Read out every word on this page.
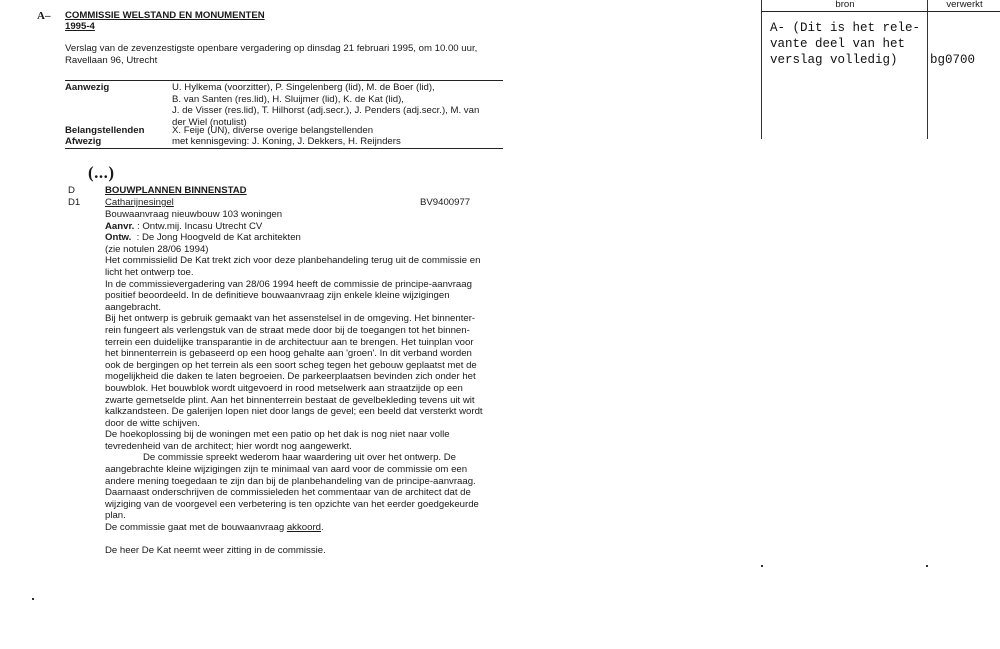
A– COMMISSIE WELSTAND EN MONUMENTEN
1995-4
Verslag van de zevenzestigste openbare vergadering op dinsdag 21 februari 1995, om 10.00 uur, Ravellaan 96, Utrecht
Aanwezig	U. Hylkema (voorzitter), P. Singelenberg (lid), M. de Boer (lid),
B. van Santen (res.lid), H. Sluijmer (lid), K. de Kat (lid),
J. de Visser (res.lid), T. Hilhorst (adj.secr.), J. Penders (adj.secr.), M. van
der Wiel (notulist)
Belangstellenden	X. Feije (UN), diverse overige belangstellenden
Afwezig	met kennisgeving: J. Koning, J. Dekkers, H. Reijnders
(...)
D	BOUWPLANNEN BINNENSTAD
D1	Catharijnesingel	BV9400977
Bouwaanvraag nieuwbouw 103 woningen
Aanvr. : Ontw.mij. Incasu Utrecht CV
Ontw.  : De Jong Hoogveld de Kat architekten
(zie notulen 28/06 1994)
Het commissielid De Kat trekt zich voor deze planbehandeling terug uit de commissie en
licht het ontwerp toe.
In de commissievergadering van 28/06 1994 heeft de commissie de principe-aanvraag
positief beoordeeld. In de definitieve bouwaanvraag zijn enkele kleine wijzigingen
aangebracht.
Bij het ontwerp is gebruik gemaakt van het assenstelsel in de omgeving. Het binnenter-
rein fungeert als verlengstuk van de straat mede door bij de toegangen tot het binnen-
terrein een duidelijke transparantie in de architectuur aan te brengen. Het tuinplan voor
het binnenterrein is gebaseerd op een hoog gehalte aan 'groen'. In dit verband worden
ook de bergingen op het terrein als een soort scheg tegen het gebouw geplaatst met de
mogelijkheid die daken te laten begroeien. De parkeerplaatsen bevinden zich onder het
bouwblok. Het bouwblok wordt uitgevoerd in rood metselwerk aan straatzijde op een
zwarte gemetselde plint. Aan het binnenterrein bestaat de gevelbekleding tevens uit wit
kalkzandsteen. De galerijen lopen niet door langs de gevel; een beeld dat versterkt wordt
door de witte schijven.
De hoekoplossing bij de woningen met een patio op het dak is nog niet naar volle
tevredenheid van de architect; hier wordt nog aangewerkt.
De commissie spreekt wederom haar waardering uit over het ontwerp. De
aangebrachte kleine wijzigingen zijn te minimaal van aard voor de commissie om een
andere mening toegedaan te zijn dan bij de planbehandeling van de principe-aanvraag.
Daarnaast onderschrijven de commissieleden het commentaar van de architect dat de
wijziging van de voorgevel een verbetering is ten opzichte van het eerder goedgekeurde
plan.
De commissie gaat met de bouwaanvraag akkoord.
De heer De Kat neemt weer zitting in de commissie.
bron	verwerkt
A- (Dit is het rele-
vante deel van het
verslag volledig)	bg0700
